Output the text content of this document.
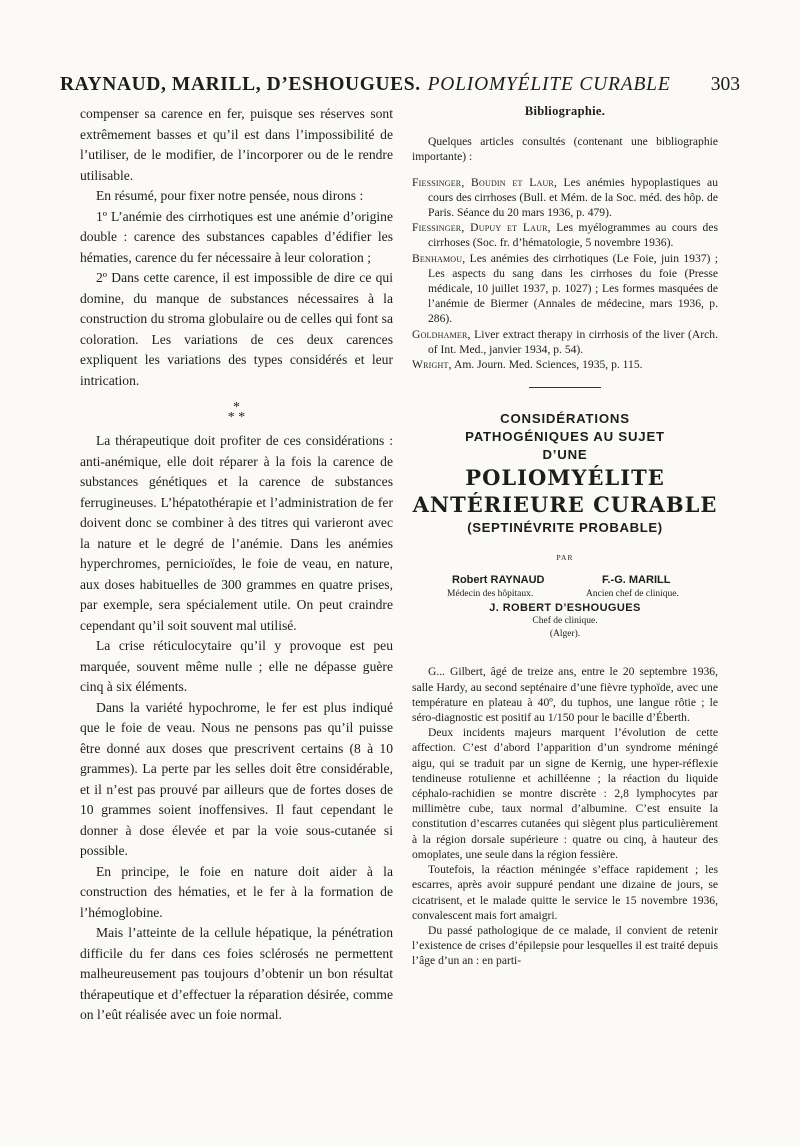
RAYNAUD, MARILL, D’ESHOUGUES. POLIOMYÉLITE CURABLE 303

compenser sa carence en fer, puisque ses réserves sont extrêmement basses et qu’il est dans l’impossibilité de l’utiliser, de le modifier, de l’incorporer ou de le rendre utilisable.

En résumé, pour fixer notre pensée, nous dirons :

1º L’anémie des cirrhotiques est une anémie d’origine double : carence des substances capables d’édifier les hématies, carence du fer nécessaire à leur coloration ;

2º Dans cette carence, il est impossible de dire ce qui domine, du manque de substances nécessaires à la construction du stroma globulaire ou de celles qui font sa coloration. Les variations de ces deux carences expliquent les variations des types considérés et leur intrication.

*
* *

La thérapeutique doit profiter de ces considérations : anti-anémique, elle doit réparer à la fois la carence de substances génétiques et la carence de substances ferrugineuses. L’hépatothérapie et l’administration de fer doivent donc se combiner à des titres qui varieront avec la nature et le degré de l’anémie. Dans les anémies hyperchromes, pernicioïdes, le foie de veau, en nature, aux doses habituelles de 300 grammes en quatre prises, par exemple, sera spécialement utile. On peut craindre cependant qu’il soit souvent mal utilisé.

La crise réticulocytaire qu’il y provoque est peu marquée, souvent même nulle ; elle ne dépasse guère cinq à six éléments.

Dans la variété hypochrome, le fer est plus indiqué que le foie de veau. Nous ne pensons pas qu’il puisse être donné aux doses que prescrivent certains (8 à 10 grammes). La perte par les selles doit être considérable, et il n’est pas prouvé par ailleurs que de fortes doses de 10 grammes soient inoffensives. Il faut cependant le donner à dose élevée et par la voie sous-cutanée si possible.

En principe, le foie en nature doit aider à la construction des hématies, et le fer à la formation de l’hémoglobine.

Mais l’atteinte de la cellule hépatique, la pénétration difficile du fer dans ces foies sclérosés ne permettent malheureusement pas toujours d’obtenir un bon résultat thérapeutique et d’effectuer la réparation désirée, comme on l’eût réalisée avec un foie normal.

Bibliographie.

Quelques articles consultés (contenant une bibliographie importante) :

Fiessinger, Boudin et Laur, Les anémies hypoplastiques au cours des cirrhoses (Bull. et Mém. de la Soc. méd. des hôp. de Paris. Séance du 20 mars 1936, p. 479).

Fiessinger, Dupuy et Laur, Les myélogrammes au cours des cirrhoses (Soc. fr. d’hématologie, 5 novembre 1936).

Benhamou, Les anémies des cirrhotiques (Le Foie, juin 1937) ; Les aspects du sang dans les cirrhoses du foie (Presse médicale, 10 juillet 1937, p. 1027) ; Les formes masquées de l’anémie de Biermer (Annales de médecine, mars 1936, p. 286).

Goldhamer, Liver extract therapy in cirrhosis of the liver (Arch. of Int. Med., janvier 1934, p. 54).

Wright, Am. Journ. Med. Sciences, 1935, p. 115.

CONSIDÉRATIONS
PATHOGÉNIQUES AU SUJET
D’UNE
POLIOMYÉLITE
ANTÉRIEURE CURABLE
(SEPTINÉVRITE PROBABLE)
PAR
Robert RAYNAUD	F.-G. MARILL
Médecin des hôpitaux.	Ancien chef de clinique.
J. ROBERT D’ESHOUGUES
Chef de clinique.
(Alger).

G... Gilbert, âgé de treize ans, entre le 20 septembre 1936, salle Hardy, au second septénaire d’une fièvre typhoïde, avec une température en plateau à 40º, du tuphos, une langue rôtie ; le séro-diagnostic est positif au 1/150 pour le bacille d’Éberth.

Deux incidents majeurs marquent l’évolution de cette affection. C’est d’abord l’apparition d’un syndrome méningé aigu, qui se traduit par un signe de Kernig, une hyper-réflexie tendineuse rotulienne et achilléenne ; la réaction du liquide céphalo-rachidien se montre discrète : 2,8 lymphocytes par millimètre cube, taux normal d’albumine. C’est ensuite la constitution d’escarres cutanées qui siègent plus particulièrement à la région dorsale supérieure : quatre ou cinq, à hauteur des omoplates, une seule dans la région fessière.

Toutefois, la réaction méningée s’efface rapidement ; les escarres, après avoir suppuré pendant une dizaine de jours, se cicatrisent, et le malade quitte le service le 15 novembre 1936, convalescent mais fort amaigri.

Du passé pathologique de ce malade, il convient de retenir l’existence de crises d’épilepsie pour lesquelles il est traité depuis l’âge d’un an : en parti-
